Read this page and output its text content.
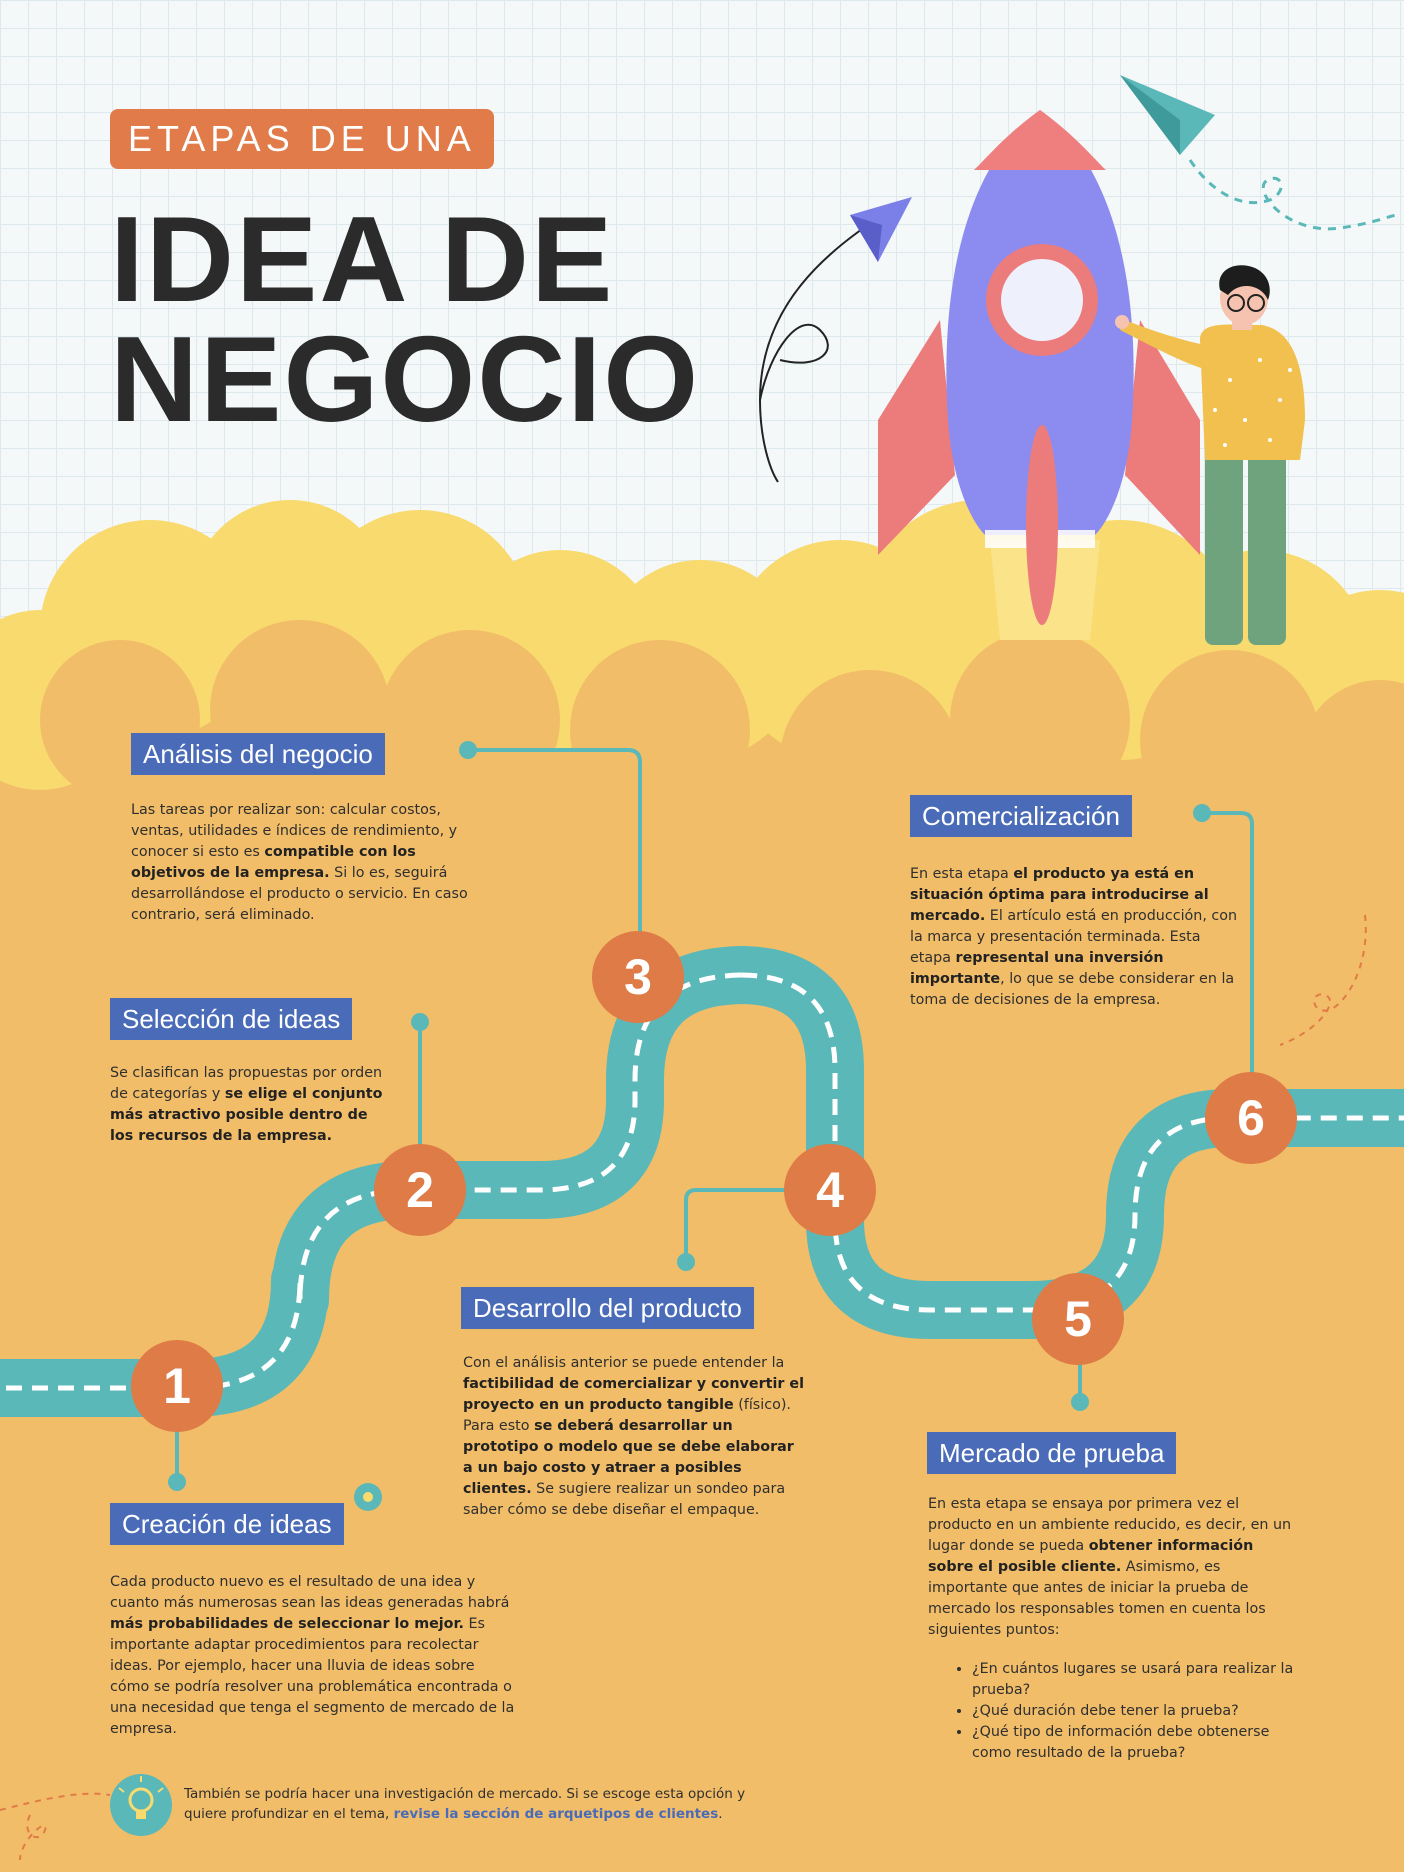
ETAPAS DE UNA
IDEA DE
NEGOCIO
Análisis del negocio

Las tareas por realizar son: calcular costos, ventas, utilidades e índices de rendimiento, y conocer si esto es compatible con los objetivos de la empresa. Si lo es, seguirá desarrollándose el producto o servicio. En caso contrario, será eliminado.

Selección de ideas

Se clasifican las propuestas por orden de categorías y se elige el conjunto más atractivo posible dentro de los recursos de la empresa.

Comercialización

En esta etapa el producto ya está en situación óptima para introducirse al mercado. El artículo está en producción, con la marca y presentación terminada. Esta etapa represental una inversión importante, lo que se debe considerar en la toma de decisiones de la empresa.

Desarrollo del producto

Con el análisis anterior se puede entender la factibilidad de comercializar y convertir el proyecto en un producto tangible (físico). Para esto se deberá desarrollar un prototipo o modelo que se debe elaborar a un bajo costo y atraer a posibles clientes. Se sugiere realizar un sondeo para saber cómo se debe diseñar el empaque.

Creación de ideas

Cada producto nuevo es el resultado de una idea y cuanto más numerosas sean las ideas generadas habrá más probabilidades de seleccionar lo mejor. Es importante adaptar procedimientos para recolectar ideas. Por ejemplo, hacer una lluvia de ideas sobre cómo se podría resolver una problemática encontrada o una necesidad que tenga el segmento de mercado de la empresa.

Mercado de prueba

En esta etapa se ensaya por primera vez el producto en un ambiente reducido, es decir, en un lugar donde se pueda obtener información sobre el posible cliente. Asimismo, es importante que antes de iniciar la prueba de mercado los responsables tomen en cuenta los siguientes puntos:

• ¿En cuántos lugares se usará para realizar la prueba?
• ¿Qué duración debe tener la prueba?
• ¿Qué tipo de información debe obtenerse como resultado de la prueba?
1
2
3
4
5
6
También se podría hacer una investigación de mercado. Si se escoge esta opción y quiere profundizar en el tema, revise la sección de arquetipos de clientes.
